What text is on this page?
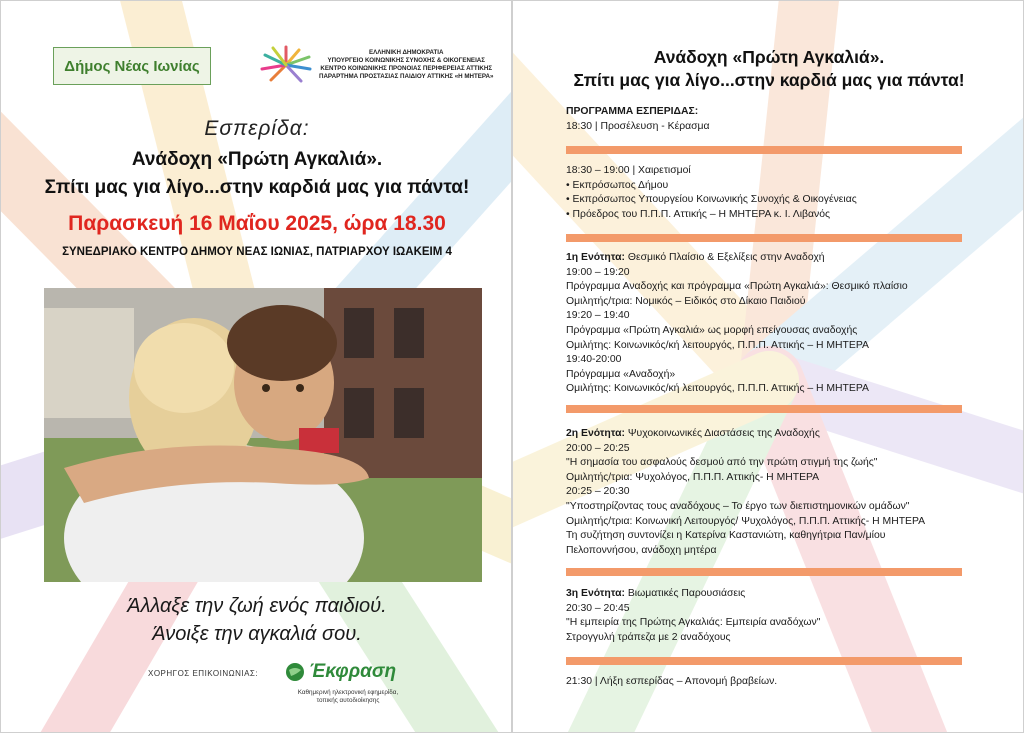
Δήμος Νέας Ιωνίας
ΕΛΛΗΝΙΚΗ ΔΗΜΟΚΡΑΤΙΑ
ΥΠΟΥΡΓΕΙΟ ΚΟΙΝΩΝΙΚΗΣ ΣΥΝΟΧΗΣ & ΟΙΚΟΓΕΝΕΙΑΣ
ΚΕΝΤΡΟ ΚΟΙΝΩΝΙΚΗΣ ΠΡΟΝΟΙΑΣ ΠΕΡΙΦΕΡΕΙΑΣ ΑΤΤΙΚΗΣ
ΠΑΡΑΡΤΗΜΑ ΠΡΟΣΤΑΣΙΑΣ ΠΑΙΔΙΟΥ ΑΤΤΙΚΗΣ «Η ΜΗΤΕΡΑ»
Εσπερίδα:
Ανάδοχη «Πρώτη Αγκαλιά».
Σπίτι μας για λίγο...στην καρδιά μας για πάντα!
Παρασκευή 16 Μαΐου 2025, ώρα 18.30
ΣΥΝΕΔΡΙΑΚΟ ΚΕΝΤΡΟ ΔΗΜΟΥ ΝΕΑΣ ΙΩΝΙΑΣ, ΠΑΤΡΙΑΡΧΟΥ ΙΩΑΚΕΙΜ 4
Άλλαξε την ζωή ενός παιδιού.
Άνοιξε την αγκαλιά σου.
ΧΟΡΗΓΟΣ ΕΠΙΚΟΙΝΩΝΙΑΣ:	Έκφραση
Καθημερινή ηλεκτρονική εφημερίδα, τοπικής αυτοδιοίκησης
Ανάδοχη «Πρώτη Αγκαλιά».
Σπίτι μας για λίγο...στην καρδιά μας για πάντα!
ΠΡΟΓΡΑΜΜΑ ΕΣΠΕΡΙΔΑΣ:
18:30 | Προσέλευση - Κέρασμα
18:30 – 19:00 | Χαιρετισμοί
• Εκπρόσωπος Δήμου
• Εκπρόσωπος Υπουργείου Κοινωνικής Συνοχής & Οικογένειας
• Πρόεδρος του Π.Π.Π. Αττικής – Η ΜΗΤΕΡΑ κ. Ι. Λιβανός
1η Ενότητα: Θεσμικό Πλαίσιο & Εξελίξεις στην Αναδοχή
19:00 – 19:20
Πρόγραμμα Αναδοχής και πρόγραμμα «Πρώτη Αγκαλιά»: Θεσμικό πλαίσιο
Ομιλητής/τρια: Νομικός – Ειδικός στο Δίκαιο Παιδιού
19:20 – 19:40
Πρόγραμμα «Πρώτη Αγκαλιά» ως μορφή επείγουσας αναδοχής
Ομιλήτης: Κοινωνικός/κή λειτουργός, Π.Π.Π. Αττικής – Η ΜΗΤΕΡΑ
19:40-20:00
Πρόγραμμα «Αναδοχή»
Ομιλήτης: Κοινωνικός/κή λειτουργός, Π.Π.Π. Αττικής – Η ΜΗΤΕΡΑ
2η Ενότητα: Ψυχοκοινωνικές Διαστάσεις της Αναδοχής
20:00 – 20:25
"Η σημασία του ασφαλούς δεσμού από την πρώτη στιγμή της ζωής"
Ομιλητής/τρια: Ψυχολόγος, Π.Π.Π. Αττικής- Η ΜΗΤΕΡΑ
20:25 – 20:30
"Υποστηρίζοντας τους αναδόχους – Το έργο των διεπιστημονικών ομάδων"
Ομιλητής/τρια: Κοινωνική Λειτουργός/ Ψυχολόγος, Π.Π.Π. Αττικής- Η ΜΗΤΕΡΑ
Τη συζήτηση συντονίζει η Κατερίνα Καστανιώτη, καθηγήτρια Παν/μίου
Πελοποννήσου, ανάδοχη μητέρα
3η Ενότητα: Βιωματικές Παρουσιάσεις
20:30 – 20:45
"Η εμπειρία της Πρώτης Αγκαλιάς: Εμπειρία αναδόχων"
Στρογγυλή τράπεζα με 2 αναδόχους
21:30 | Λήξη εσπερίδας – Απονομή βραβείων.
